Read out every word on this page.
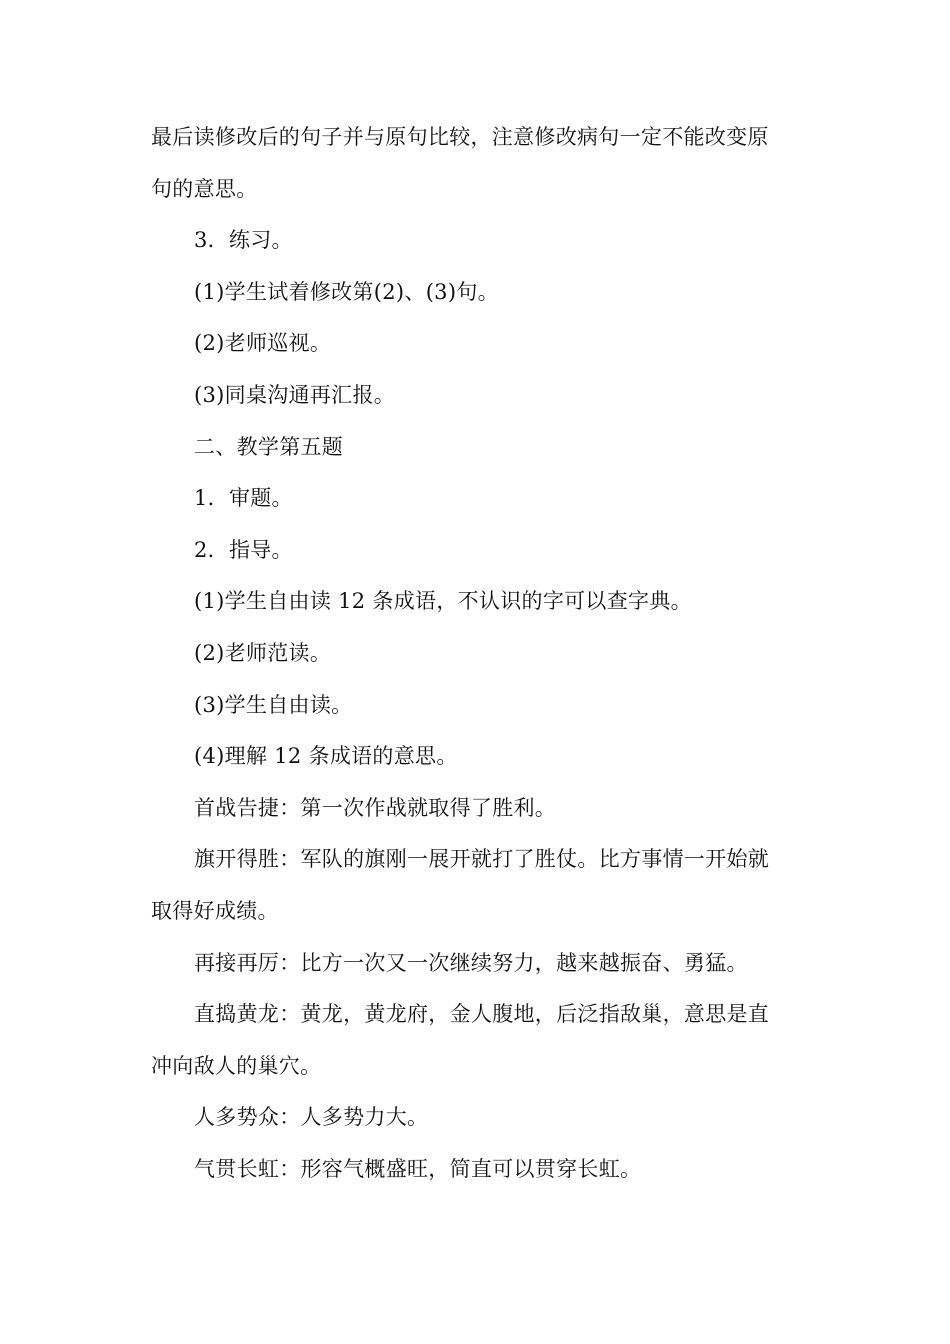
最后读修改后的句子并与原句比较，注意修改病句一定不能改变原
句的意思。
3．练习。
(1)学生试着修改第(2)、(3)句。
(2)老师巡视。
(3)同桌沟通再汇报。
二、教学第五题
1．审题。
2．指导。
(1)学生自由读 12 条成语，不认识的字可以查字典。
(2)老师范读。
(3)学生自由读。
(4)理解 12 条成语的意思。
首战告捷：第一次作战就取得了胜利。
旗开得胜：军队的旗刚一展开就打了胜仗。比方事情一开始就
取得好成绩。
再接再厉：比方一次又一次继续努力，越来越振奋、勇猛。
直捣黄龙：黄龙，黄龙府，金人腹地，后泛指敌巢，意思是直
冲向敌人的巢穴。
人多势众：人多势力大。
气贯长虹：形容气概盛旺，简直可以贯穿长虹。
